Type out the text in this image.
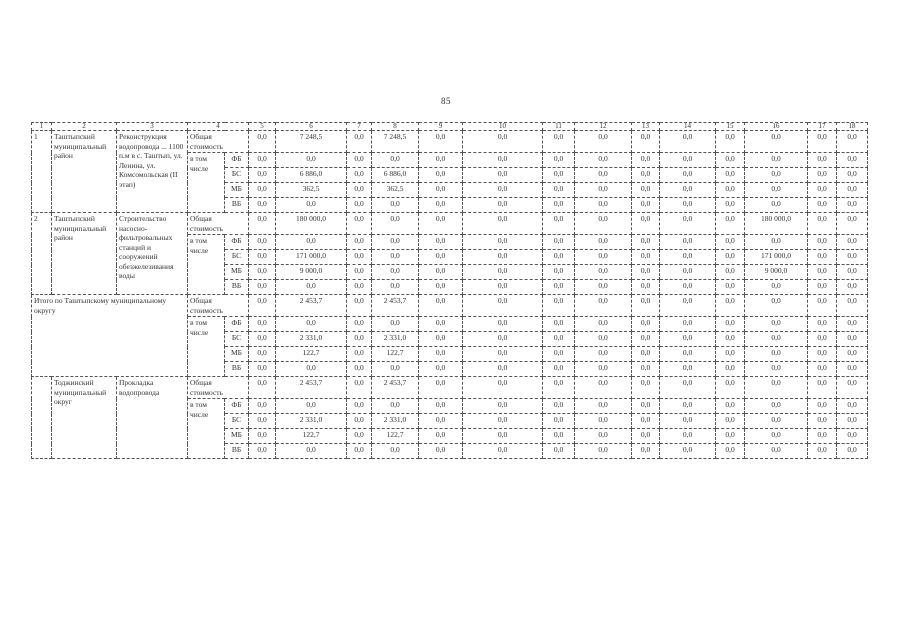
85
1	2	3	4		5	6	7	8	9	10	11	12	13	14	15	16	17	18
1	Таштыпский муниципальный район	Реконструкция водопровода ... 1100 п.м в с. Таштып, ул. Ленина, ул. Комсомольская (II этап)	Общая стоимость		0,0	7 248,5	0,0	7 248,5	0,0	0,0	0,0	0,0	0,0	0,0	0,0	0,0	0,0	0,0
			в том числе	ФБ	0,0	0,0	0,0	0,0	0,0	0,0	0,0	0,0	0,0	0,0	0,0	0,0	0,0	0,0
				БС	0,0	6 886,0	0,0	6 886,0	0,0	0,0	0,0	0,0	0,0	0,0	0,0	0,0	0,0	0,0
				МБ	0,0	362,5	0,0	362,5	0,0	0,0	0,0	0,0	0,0	0,0	0,0	0,0	0,0	0,0
				ВБ	0,0	0,0	0,0	0,0	0,0	0,0	0,0	0,0	0,0	0,0	0,0	0,0	0,0	0,0
2	Таштыпский муниципальный район	Строительство насосно-фильтровальных станций и сооружений обезжелезивания воды	Общая стоимость		0,0	180 000,0	0,0	0,0	0,0	0,0	0,0	0,0	0,0	0,0	0,0	180 000,0	0,0	0,0
			в том числе	ФБ	0,0	0,0	0,0	0,0	0,0	0,0	0,0	0,0	0,0	0,0	0,0	0,0	0,0	0,0
				БС	0,0	171 000,0	0,0	0,0	0,0	0,0	0,0	0,0	0,0	0,0	0,0	171 000,0	0,0	0,0
				МБ	0,0	9 000,0	0,0	0,0	0,0	0,0	0,0	0,0	0,0	0,0	0,0	9 000,0	0,0	0,0
				ВБ	0,0	0,0	0,0	0,0	0,0	0,0	0,0	0,0	0,0	0,0	0,0	0,0	0,0	0,0
Итого по Таштыпскому муниципальному округу			Общая стоимость		0,0	2 453,7	0,0	2 453,7	0,0	0,0	0,0	0,0	0,0	0,0	0,0	0,0	0,0	0,0
			в том числе	ФБ	0,0	0,0	0,0	0,0	0,0	0,0	0,0	0,0	0,0	0,0	0,0	0,0	0,0	0,0
				БС	0,0	2 331,0	0,0	2 331,0	0,0	0,0	0,0	0,0	0,0	0,0	0,0	0,0	0,0	0,0
				МБ	0,0	122,7	0,0	122,7	0,0	0,0	0,0	0,0	0,0	0,0	0,0	0,0	0,0	0,0
				ВБ	0,0	0,0	0,0	0,0	0,0	0,0	0,0	0,0	0,0	0,0	0,0	0,0	0,0	0,0
	Тоджинский муниципальный округ	Прокладка водопровода	Общая стоимость		0,0	2 453,7	0,0	2 453,7	0,0	0,0	0,0	0,0	0,0	0,0	0,0	0,0	0,0	0,0
			в том числе	ФБ	0,0	0,0	0,0	0,0	0,0	0,0	0,0	0,0	0,0	0,0	0,0	0,0	0,0	0,0
				БС	0,0	2 331,0	0,0	2 331,0	0,0	0,0	0,0	0,0	0,0	0,0	0,0	0,0	0,0	0,0
				МБ	0,0	122,7	0,0	122,7	0,0	0,0	0,0	0,0	0,0	0,0	0,0	0,0	0,0	0,0
				ВБ	0,0	0,0	0,0	0,0	0,0	0,0	0,0	0,0	0,0	0,0	0,0	0,0	0,0	0,0
